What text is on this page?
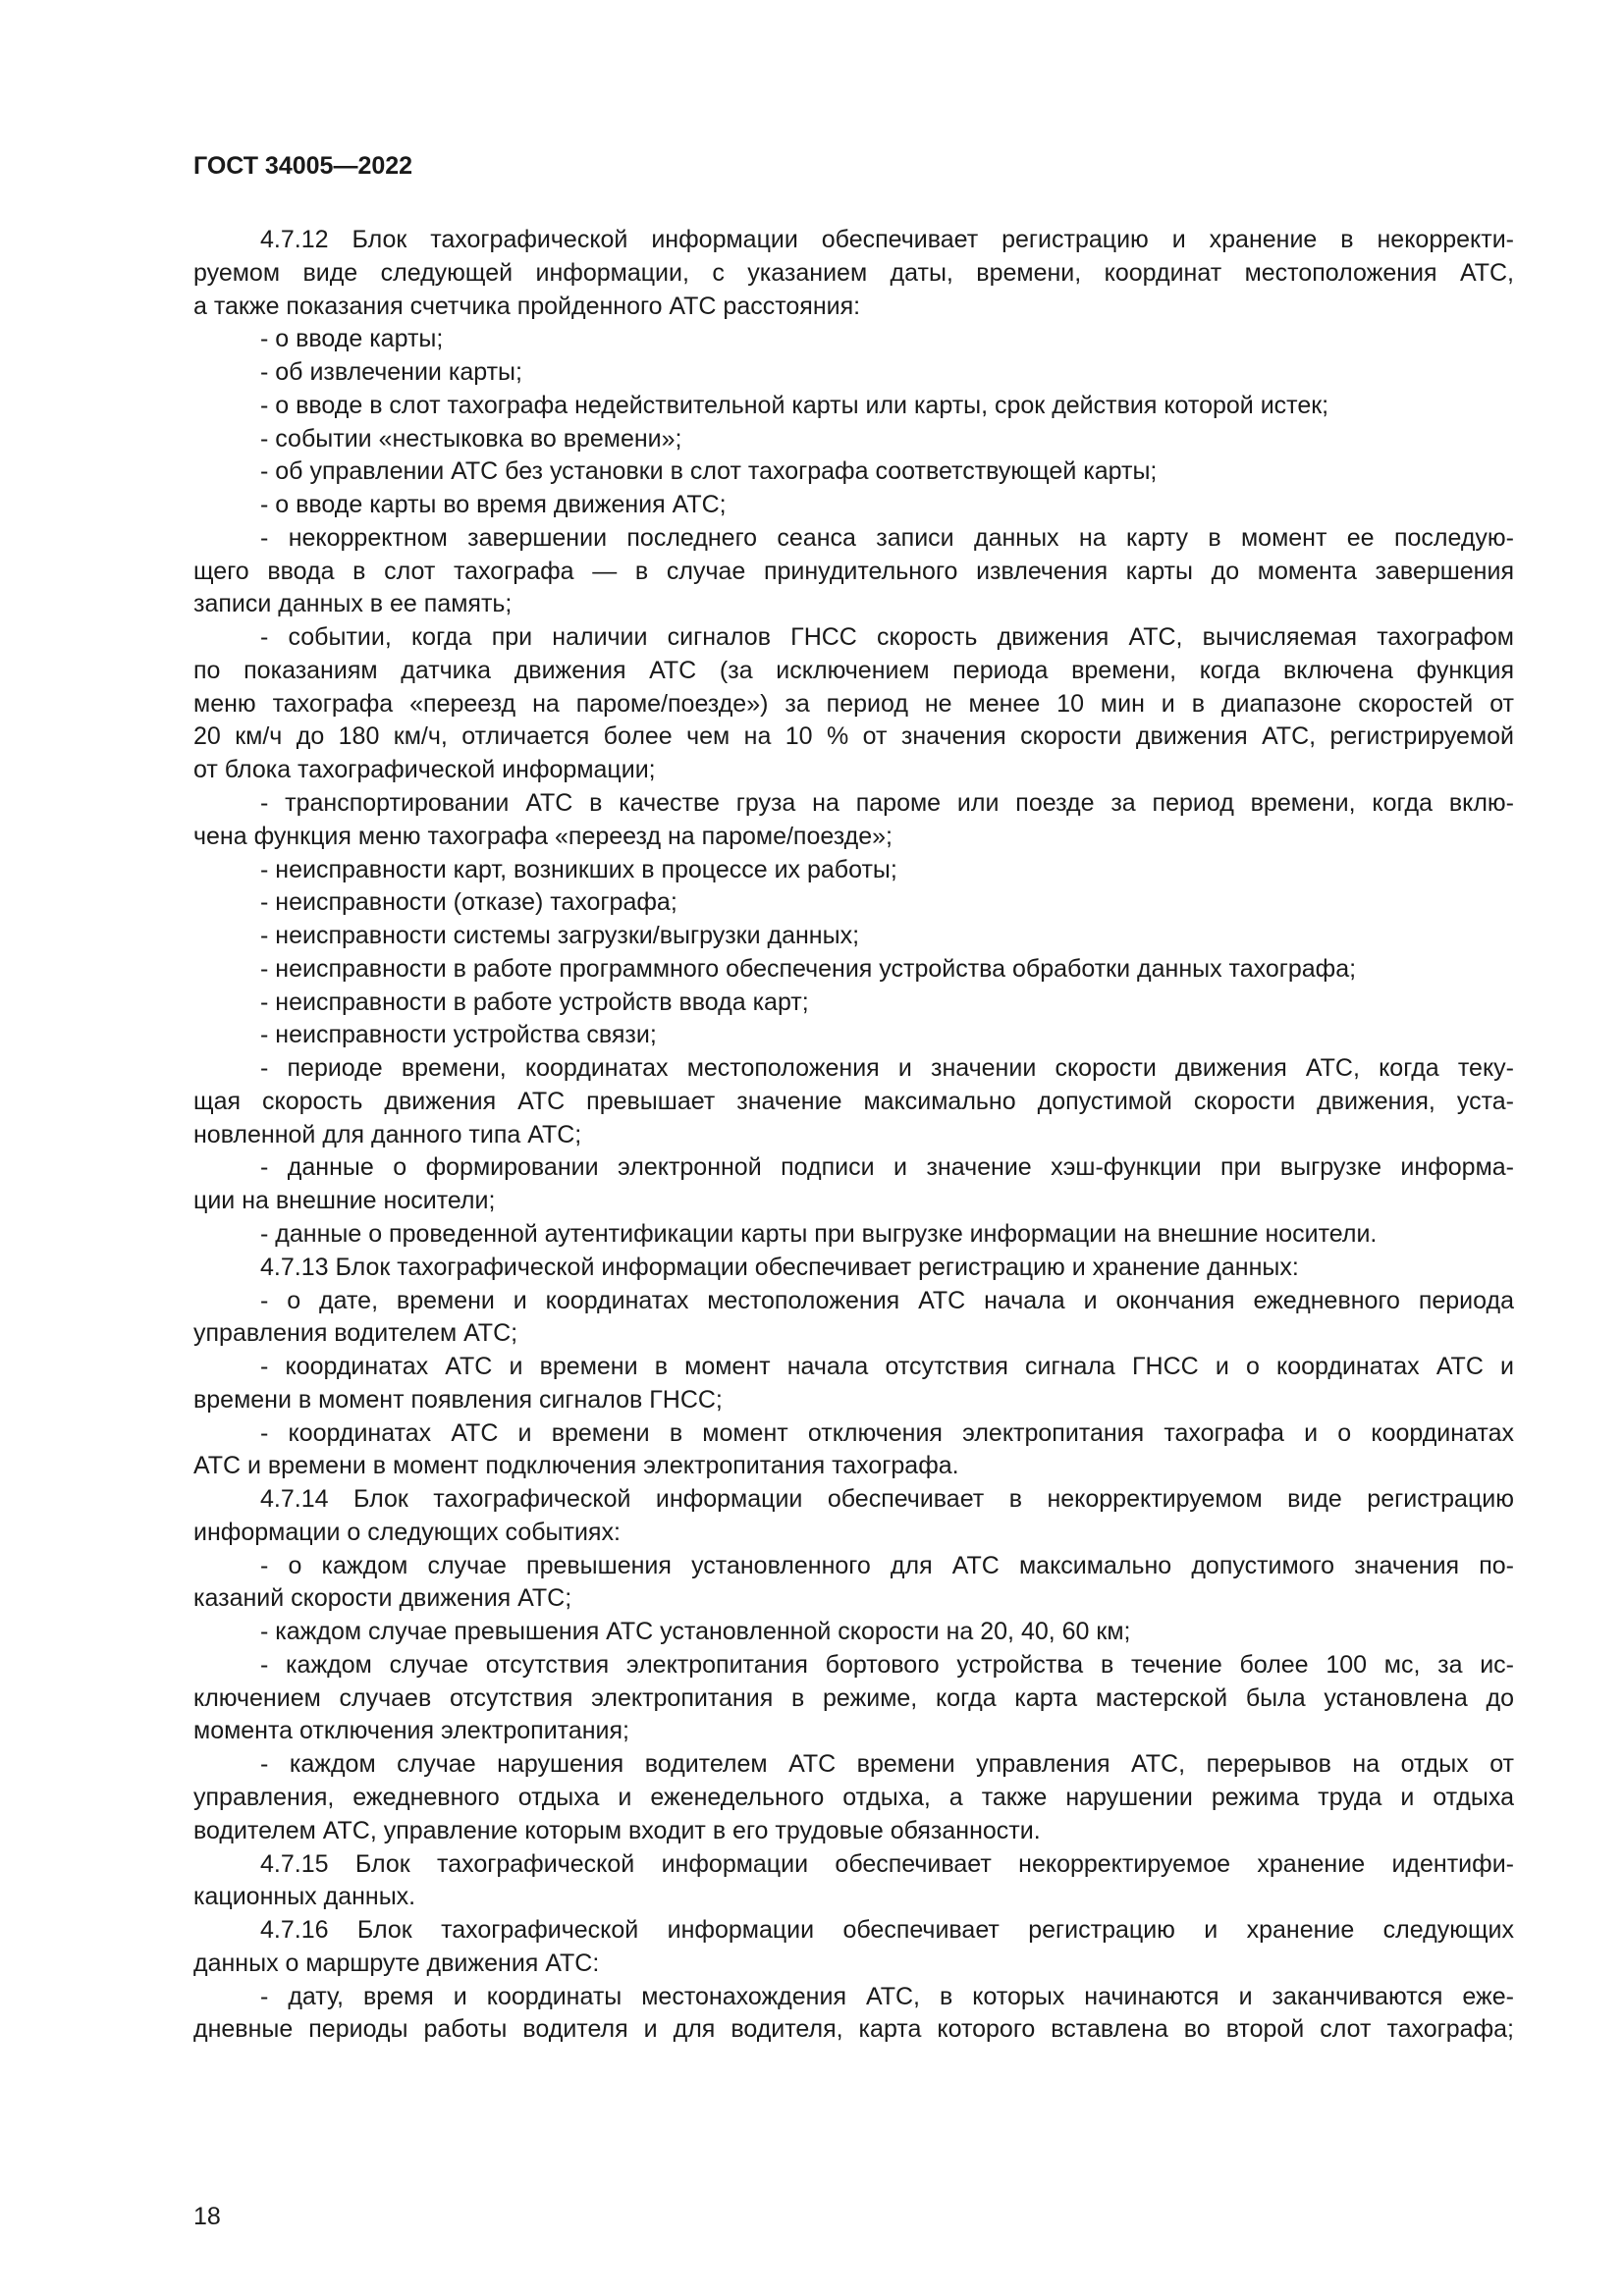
ГОСТ 34005—2022
4.7.12 Блок тахографической информации обеспечивает регистрацию и хранение в некорректи-
руемом виде следующей информации, с указанием даты, времени, координат местоположения АТС,
а также показания счетчика пройденного АТС расстояния:
- о вводе карты;
- об извлечении карты;
- о вводе в слот тахографа недействительной карты или карты, срок действия которой истек;
- событии «нестыковка во времени»;
- об управлении АТС без установки в слот тахографа соответствующей карты;
- о вводе карты во время движения АТС;
- некорректном завершении последнего сеанса записи данных на карту в момент ее последую-
щего ввода в слот тахографа — в случае принудительного извлечения карты до момента завершения
записи данных в ее память;
- событии, когда при наличии сигналов ГНСС скорость движения АТС, вычисляемая тахографом
по показаниям датчика движения АТС (за исключением периода времени, когда включена функция
меню тахографа «переезд на пароме/поезде») за период не менее 10 мин и в диапазоне скоростей от
20 км/ч до 180 км/ч, отличается более чем на 10 % от значения скорости движения АТС, регистрируемой
от блока тахографической информации;
- транспортировании АТС в качестве груза на пароме или поезде за период времени, когда вклю-
чена функция меню тахографа «переезд на пароме/поезде»;
- неисправности карт, возникших в процессе их работы;
- неисправности (отказе) тахографа;
- неисправности системы загрузки/выгрузки данных;
- неисправности в работе программного обеспечения устройства обработки данных тахографа;
- неисправности в работе устройств ввода карт;
- неисправности устройства связи;
- периоде времени, координатах местоположения и значении скорости движения АТС, когда теку-
щая скорость движения АТС превышает значение максимально допустимой скорости движения, уста-
новленной для данного типа АТС;
- данные о формировании электронной подписи и значение хэш-функции при выгрузке информа-
ции на внешние носители;
- данные о проведенной аутентификации карты при выгрузке информации на внешние носители.
4.7.13 Блок тахографической информации обеспечивает регистрацию и хранение данных:
- о дате, времени и координатах местоположения АТС начала и окончания ежедневного периода
управления водителем АТС;
- координатах АТС и времени в момент начала отсутствия сигнала ГНСС и о координатах АТС и
времени в момент появления сигналов ГНСС;
- координатах АТС и времени в момент отключения электропитания тахографа и о координатах
АТС и времени в момент подключения электропитания тахографа.
4.7.14 Блок тахографической информации обеспечивает в некорректируемом виде регистрацию
информации о следующих событиях:
- о каждом случае превышения установленного для АТС максимально допустимого значения по-
казаний скорости движения АТС;
- каждом случае превышения АТС установленной скорости на 20, 40, 60 км;
- каждом случае отсутствия электропитания бортового устройства в течение более 100 мс, за ис-
ключением случаев отсутствия электропитания в режиме, когда карта мастерской была установлена до
момента отключения электропитания;
- каждом случае нарушения водителем АТС времени управления АТС, перерывов на отдых от
управления, ежедневного отдыха и еженедельного отдыха, а также нарушении режима труда и отдыха
водителем АТС, управление которым входит в его трудовые обязанности.
4.7.15 Блок тахографической информации обеспечивает некорректируемое хранение идентифи-
кационных данных.
4.7.16 Блок тахографической информации обеспечивает регистрацию и хранение следующих
данных о маршруте движения АТС:
- дату, время и координаты местонахождения АТС, в которых начинаются и заканчиваются еже-
дневные периоды работы водителя и для водителя, карта которого вставлена во второй слот тахографа;
18
